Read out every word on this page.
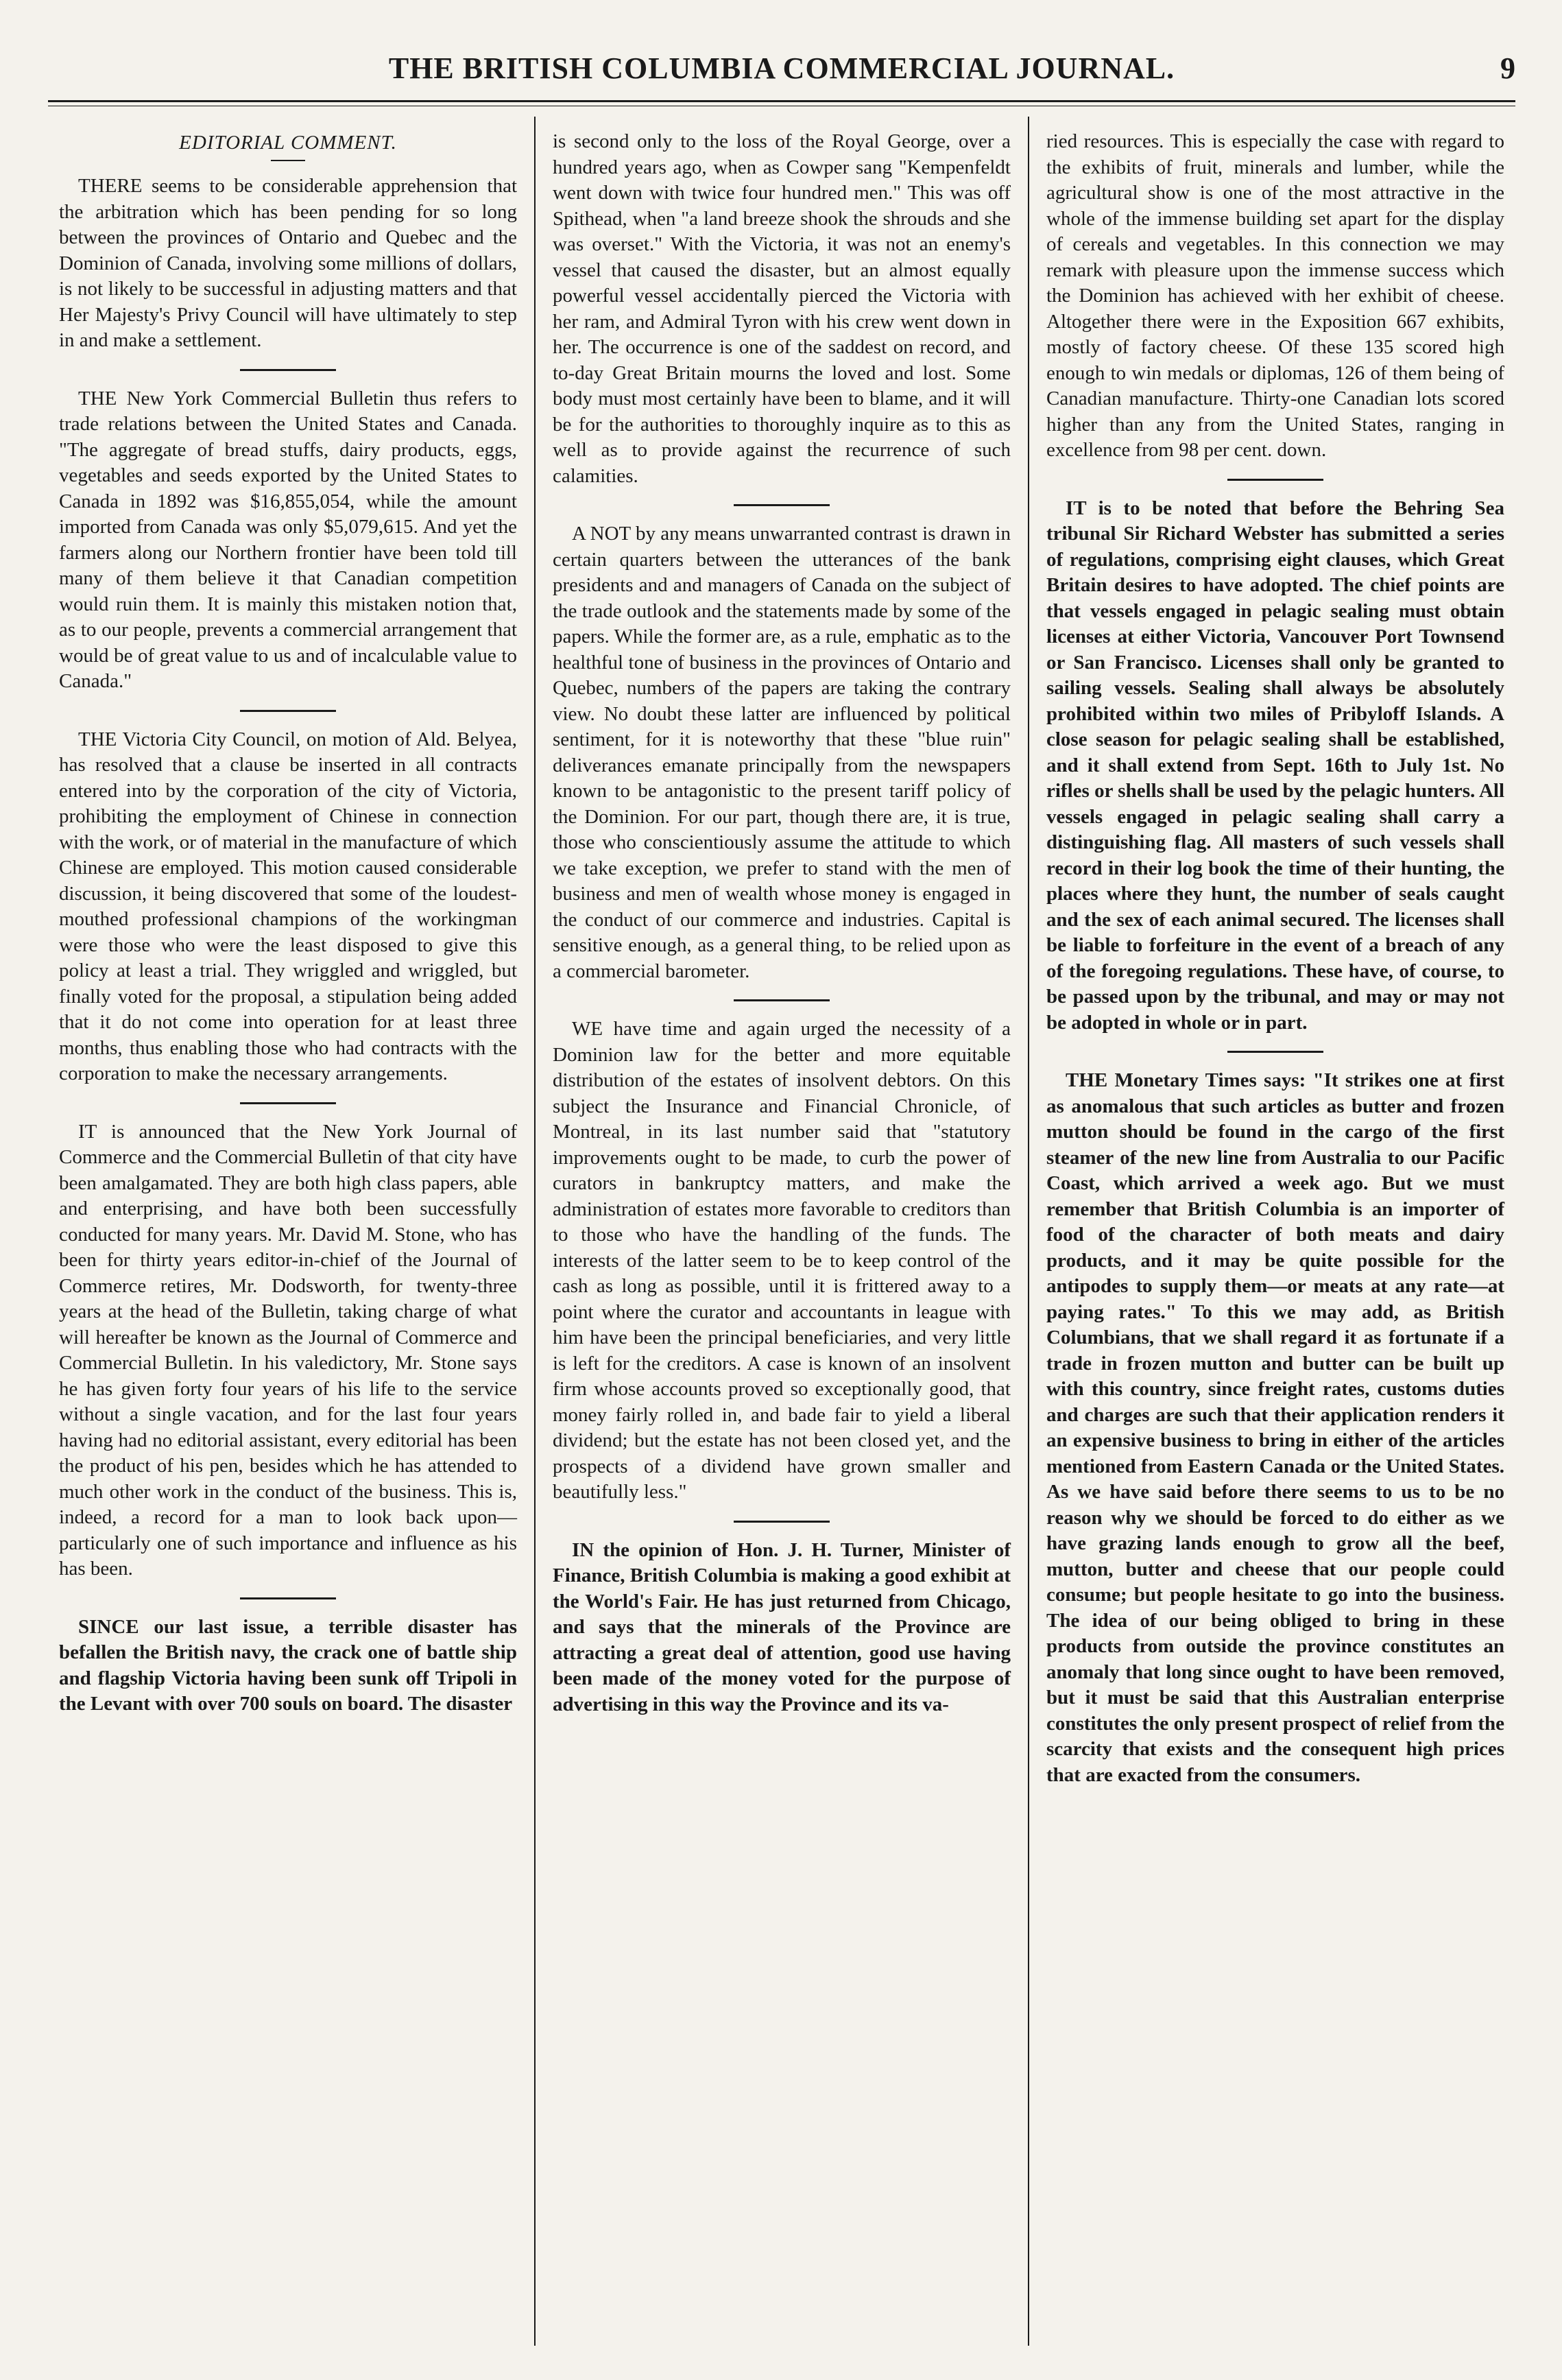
THE BRITISH COLUMBIA COMMERCIAL JOURNAL.	9
EDITORIAL COMMENT.

THERE seems to be considerable apprehension that the arbitration which has been pending for so long between the provinces of Ontario and Quebec and the Dominion of Canada, involving some millions of dollars, is not likely to be successful in adjusting matters and that Her Majesty's Privy Council will have ultimately to step in and make a settlement.

THE New York Commercial Bulletin thus refers to trade relations between the United States and Canada. "The aggregate of bread stuffs, dairy products, eggs, vegetables and seeds exported by the United States to Canada in 1892 was $16,855,054, while the amount imported from Canada was only $5,079,615. And yet the farmers along our Northern frontier have been told till many of them believe it that Canadian competition would ruin them. It is mainly this mistaken notion that, as to our people, prevents a commercial arrangement that would be of great value to us and of incalculable value to Canada."

THE Victoria City Council, on motion of Ald. Belyea, has resolved that a clause be inserted in all contracts entered into by the corporation of the city of Victoria, prohibiting the employment of Chinese in connection with the work, or of material in the manufacture of which Chinese are employed. This motion caused considerable discussion, it being discovered that some of the loudest-mouthed professional champions of the workingman were those who were the least disposed to give this policy at least a trial. They wriggled and wriggled, but finally voted for the proposal, a stipulation being added that it do not come into operation for at least three months, thus enabling those who had contracts with the corporation to make the necessary arrangements.

IT is announced that the New York Journal of Commerce and the Commercial Bulletin of that city have been amalgamated. They are both high class papers, able and enterprising, and have both been successfully conducted for many years. Mr. David M. Stone, who has been for thirty years editor-in-chief of the Journal of Commerce retires, Mr. Dodsworth, for twenty-three years at the head of the Bulletin, taking charge of what will hereafter be known as the Journal of Commerce and Commercial Bulletin. In his valedictory, Mr. Stone says he has given forty four years of his life to the service without a single vacation, and for the last four years having had no editorial assistant, every editorial has been the product of his pen, besides which he has attended to much other work in the conduct of the business. This is, indeed, a record for a man to look back upon—particularly one of such importance and influence as his has been.

SINCE our last issue, a terrible disaster has befallen the British navy, the crack one of battle ship and flagship Victoria having been sunk off Tripoli in the Levant with over 700 souls on board. The disaster

is second only to the loss of the Royal George, over a hundred years ago, when as Cowper sang "Kempenfeldt went down with twice four hundred men." This was off Spithead, when "a land breeze shook the shrouds and she was overset." With the Victoria, it was not an enemy's vessel that caused the disaster, but an almost equally powerful vessel accidentally pierced the Victoria with her ram, and Admiral Tyron with his crew went down in her. The occurrence is one of the saddest on record, and to-day Great Britain mourns the loved and lost. Some body must most certainly have been to blame, and it will be for the authorities to thoroughly inquire as to this as well as to provide against the recurrence of such calamities.

A NOT by any means unwarranted contrast is drawn in certain quarters between the utterances of the bank presidents and and managers of Canada on the subject of the trade outlook and the statements made by some of the papers. While the former are, as a rule, emphatic as to the healthful tone of business in the provinces of Ontario and Quebec, numbers of the papers are taking the contrary view. No doubt these latter are influenced by political sentiment, for it is noteworthy that these "blue ruin" deliverances emanate principally from the newspapers known to be antagonistic to the present tariff policy of the Dominion. For our part, though there are, it is true, those who conscientiously assume the attitude to which we take exception, we prefer to stand with the men of business and men of wealth whose money is engaged in the conduct of our commerce and industries. Capital is sensitive enough, as a general thing, to be relied upon as a commercial barometer.

WE have time and again urged the necessity of a Dominion law for the better and more equitable distribution of the estates of insolvent debtors. On this subject the Insurance and Financial Chronicle, of Montreal, in its last number said that "statutory improvements ought to be made, to curb the power of curators in bankruptcy matters, and make the administration of estates more favorable to creditors than to those who have the handling of the funds. The interests of the latter seem to be to keep control of the cash as long as possible, until it is frittered away to a point where the curator and accountants in league with him have been the principal beneficiaries, and very little is left for the creditors. A case is known of an insolvent firm whose accounts proved so exceptionally good, that money fairly rolled in, and bade fair to yield a liberal dividend; but the estate has not been closed yet, and the prospects of a dividend have grown smaller and beautifully less."

IN the opinion of Hon. J. H. Turner, Minister of Finance, British Columbia is making a good exhibit at the World's Fair. He has just returned from Chicago, and says that the minerals of the Province are attracting a great deal of attention, good use having been made of the money voted for the purpose of advertising in this way the Province and its va-

ried resources. This is especially the case with regard to the exhibits of fruit, minerals and lumber, while the agricultural show is one of the most attractive in the whole of the immense building set apart for the display of cereals and vegetables. In this connection we may remark with pleasure upon the immense success which the Dominion has achieved with her exhibit of cheese. Altogether there were in the Exposition 667 exhibits, mostly of factory cheese. Of these 135 scored high enough to win medals or diplomas, 126 of them being of Canadian manufacture. Thirty-one Canadian lots scored higher than any from the United States, ranging in excellence from 98 per cent. down.

IT is to be noted that before the Behring Sea tribunal Sir Richard Webster has submitted a series of regulations, comprising eight clauses, which Great Britain desires to have adopted. The chief points are that vessels engaged in pelagic sealing must obtain licenses at either Victoria, Vancouver Port Townsend or San Francisco. Licenses shall only be granted to sailing vessels. Sealing shall always be absolutely prohibited within two miles of Pribyloff Islands. A close season for pelagic sealing shall be established, and it shall extend from Sept. 16th to July 1st. No rifles or shells shall be used by the pelagic hunters. All vessels engaged in pelagic sealing shall carry a distinguishing flag. All masters of such vessels shall record in their log book the time of their hunting, the places where they hunt, the number of seals caught and the sex of each animal secured. The licenses shall be liable to forfeiture in the event of a breach of any of the foregoing regulations. These have, of course, to be passed upon by the tribunal, and may or may not be adopted in whole or in part.

THE Monetary Times says: "It strikes one at first as anomalous that such articles as butter and frozen mutton should be found in the cargo of the first steamer of the new line from Australia to our Pacific Coast, which arrived a week ago. But we must remember that British Columbia is an importer of food of the character of both meats and dairy products, and it may be quite possible for the antipodes to supply them—or meats at any rate—at paying rates." To this we may add, as British Columbians, that we shall regard it as fortunate if a trade in frozen mutton and butter can be built up with this country, since freight rates, customs duties and charges are such that their application renders it an expensive business to bring in either of the articles mentioned from Eastern Canada or the United States. As we have said before there seems to us to be no reason why we should be forced to do either as we have grazing lands enough to grow all the beef, mutton, butter and cheese that our people could consume; but people hesitate to go into the business. The idea of our being obliged to bring in these products from outside the province constitutes an anomaly that long since ought to have been removed, but it must be said that this Australian enterprise constitutes the only present prospect of relief from the scarcity that exists and the consequent high prices that are exacted from the consumers.
